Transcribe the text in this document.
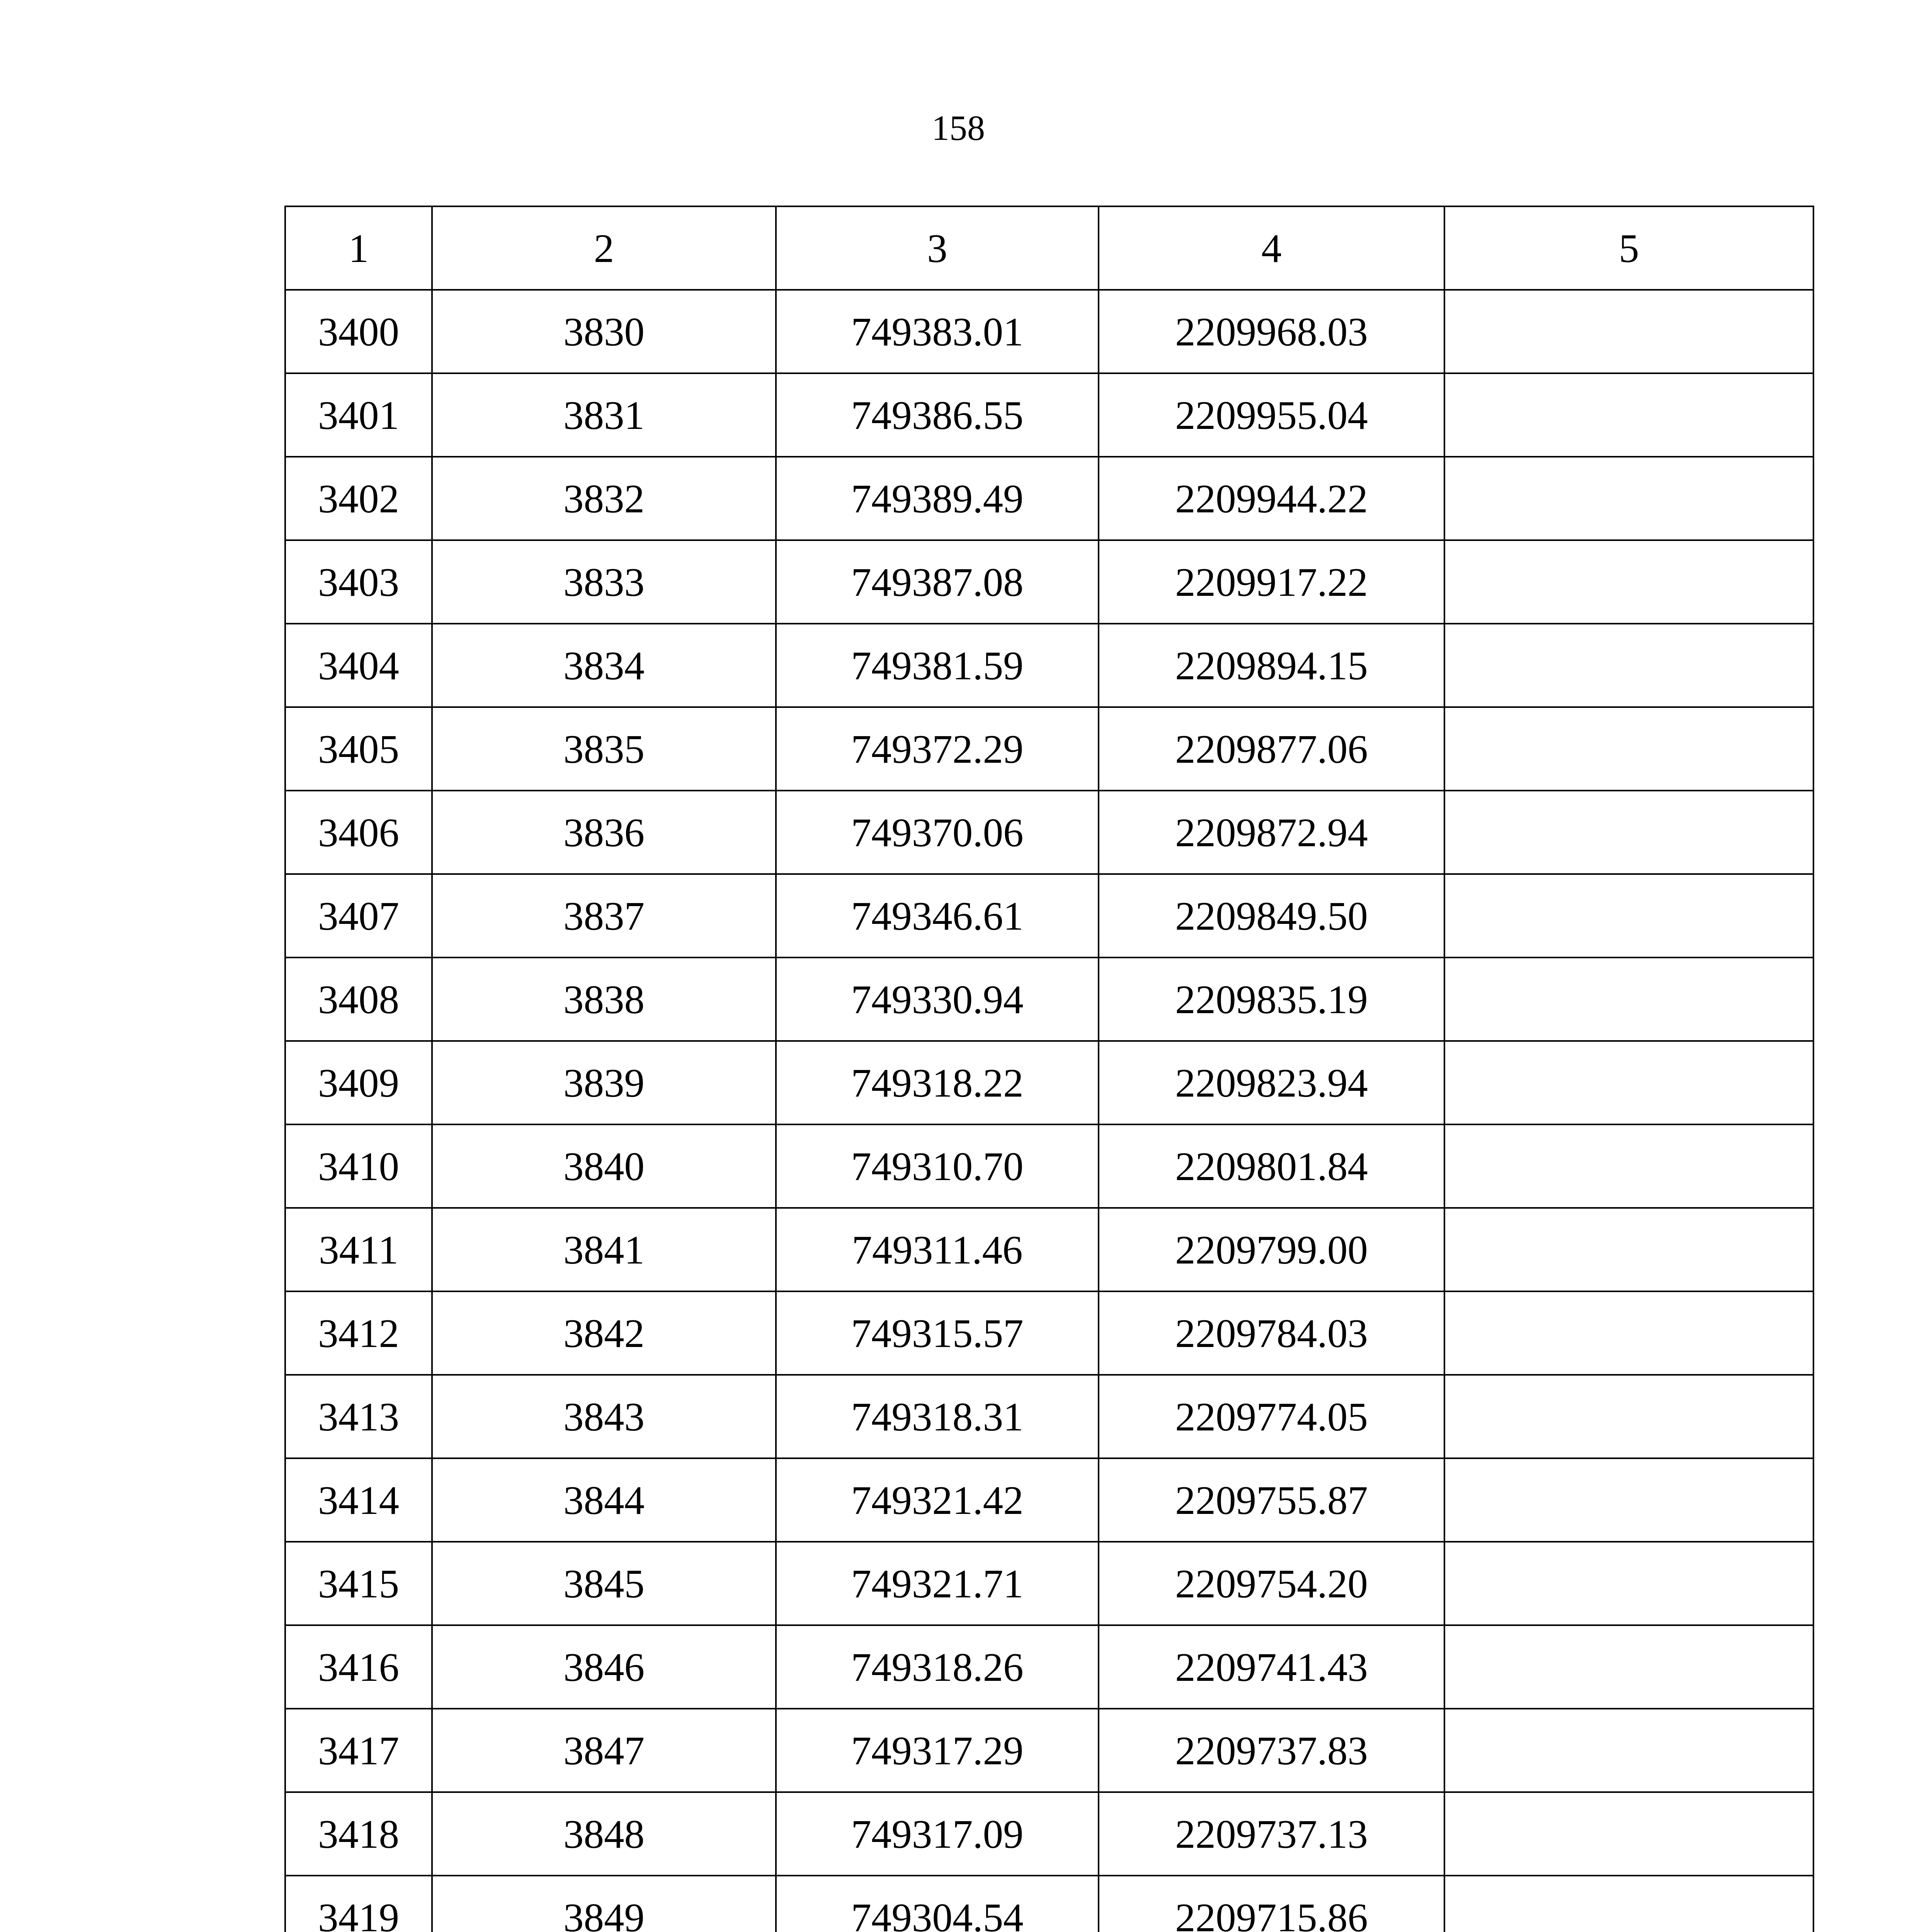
158
1	2	3	4	5
3400	3830	749383.01	2209968.03	
3401	3831	749386.55	2209955.04	
3402	3832	749389.49	2209944.22	
3403	3833	749387.08	2209917.22	
3404	3834	749381.59	2209894.15	
3405	3835	749372.29	2209877.06	
3406	3836	749370.06	2209872.94	
3407	3837	749346.61	2209849.50	
3408	3838	749330.94	2209835.19	
3409	3839	749318.22	2209823.94	
3410	3840	749310.70	2209801.84	
3411	3841	749311.46	2209799.00	
3412	3842	749315.57	2209784.03	
3413	3843	749318.31	2209774.05	
3414	3844	749321.42	2209755.87	
3415	3845	749321.71	2209754.20	
3416	3846	749318.26	2209741.43	
3417	3847	749317.29	2209737.83	
3418	3848	749317.09	2209737.13	
3419	3849	749304.54	2209715.86	
